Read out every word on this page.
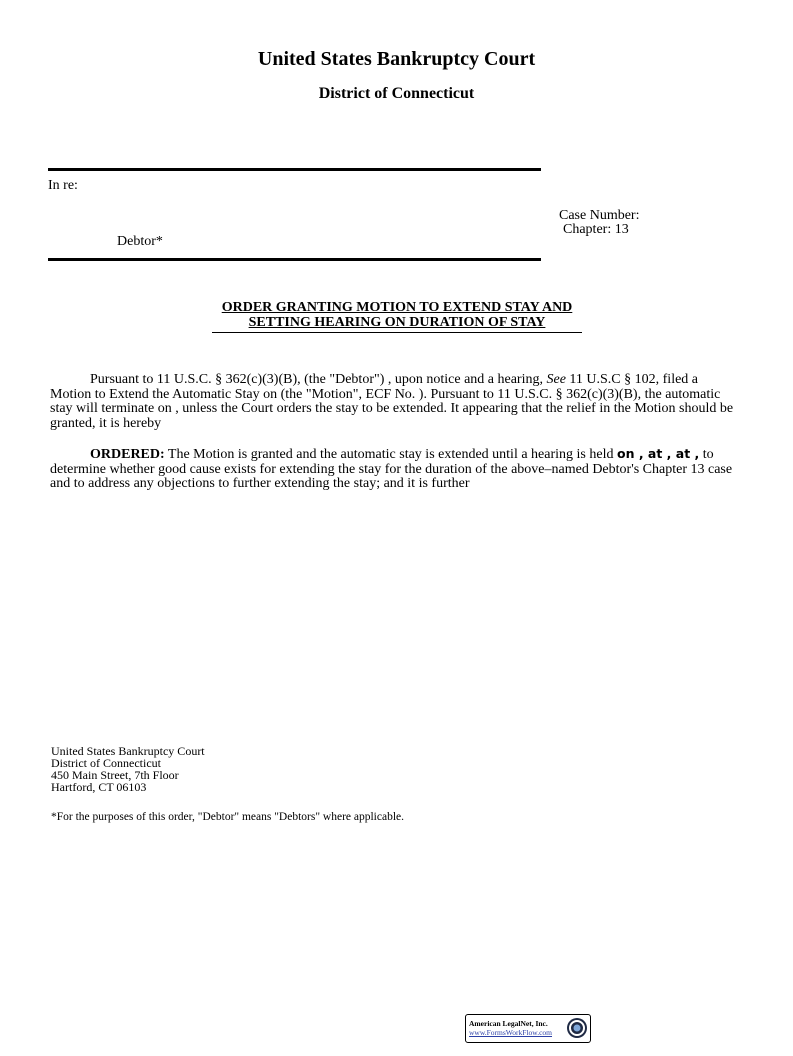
United States Bankruptcy Court
District of Connecticut
In re:
Case Number:
Chapter: 13
Debtor*
ORDER GRANTING MOTION TO EXTEND STAY AND
SETTING HEARING ON DURATION OF STAY
Pursuant to 11 U.S.C. § 362(c)(3)(B), (the "Debtor") , upon notice and a hearing, See 11 U.S.C § 102, filed a Motion to Extend the Automatic Stay on (the "Motion", ECF No. ). Pursuant to 11 U.S.C. § 362(c)(3)(B), the automatic stay will terminate on , unless the Court orders the stay to be extended. It appearing that the relief in the Motion should be granted, it is hereby
ORDERED: The Motion is granted and the automatic stay is extended until a hearing is held on , at , at , to determine whether good cause exists for extending the stay for the duration of the above–named Debtor's Chapter 13 case and to address any objections to further extending the stay; and it is further
United States Bankruptcy Court
District of Connecticut
450 Main Street, 7th Floor
Hartford, CT 06103
*For the purposes of this order, "Debtor" means "Debtors" where applicable.
American LegalNet, Inc.
www.FormsWorkFlow.com
